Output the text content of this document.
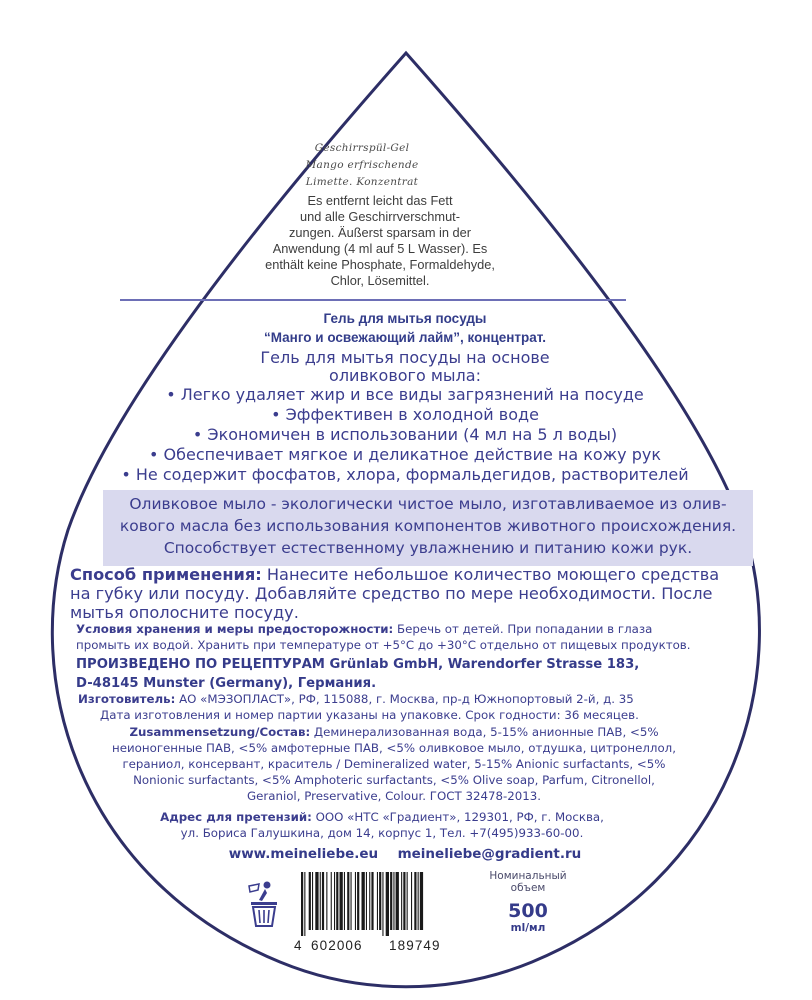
Geschirrspül-Gel
Mango erfrischende
Limette. Konzentrat
Es entfernt leicht das Fett
und alle Geschirrverschmut-
zungen. Äußerst sparsam in der
Anwendung (4 ml auf 5 L Wasser). Es
enthält keine Phosphate, Formaldehyde,
Chlor, Lösemittel.
Гель для мытья посуды
“Манго и освежающий лайм”, концентрат.
Гель для мытья посуды на основе
оливкового мыла:
• Легко удаляет жир и все виды загрязнений на посуде
• Эффективен в холодной воде
• Экономичен в использовании (4 мл на 5 л воды)
• Обеспечивает мягкое и деликатное действие на кожу рук
• Не содержит фосфатов, хлора, формальдегидов, растворителей
Оливковое мыло - экологически чистое мыло, изготавливаемое из олив-
кового масла без использования компонентов животного происхождения.
Способствует естественному увлажнению и питанию кожи рук.
Способ применения: Нанесите небольшое количество моющего средства
на губку или посуду. Добавляйте средство по мере необходимости. После
мытья ополосните посуду.
Условия хранения и меры предосторожности: Беречь от детей. При попадании в глаза
промыть их водой. Хранить при температуре от +5°C до +30°C отдельно от пищевых продуктов.
ПРОИЗВЕДЕНО ПО РЕЦЕПТУРАМ Grünlab GmbH, Warendorfer Strasse 183,
D-48145 Munster (Germany), Германия.
Изготовитель: АО «МЭЗОПЛАСТ», РФ, 115088, г. Москва, пр-д Южнопортовый 2-й, д. 35
Дата изготовления и номер партии указаны на упаковке. Срок годности: 36 месяцев.
Zusammensetzung/Состав: Деминерализованная вода, 5-15% анионные ПАВ, <5%
неионогенные ПАВ, <5% амфотерные ПАВ, <5% оливковое мыло, отдушка, цитронеллол,
гераниол, консервант, краситель / Demineralized water, 5-15% Anionic surfactants, <5%
Nonionic surfactants, <5% Amphoteric surfactants, <5% Olive soap, Parfum, Citronellol,
Geraniol, Preservative, Colour. ГОСТ 32478-2013.
Адрес для претензий: ООО «НТС «Градиент», 129301, РФ, г. Москва,
ул. Бориса Галушкина, дом 14, корпус 1, Тел. +7(495)933-60-00.
www.meineliebe.eu meineliebe@gradient.ru
4 602006 189749
Номинальный
объем
500
ml/мл
